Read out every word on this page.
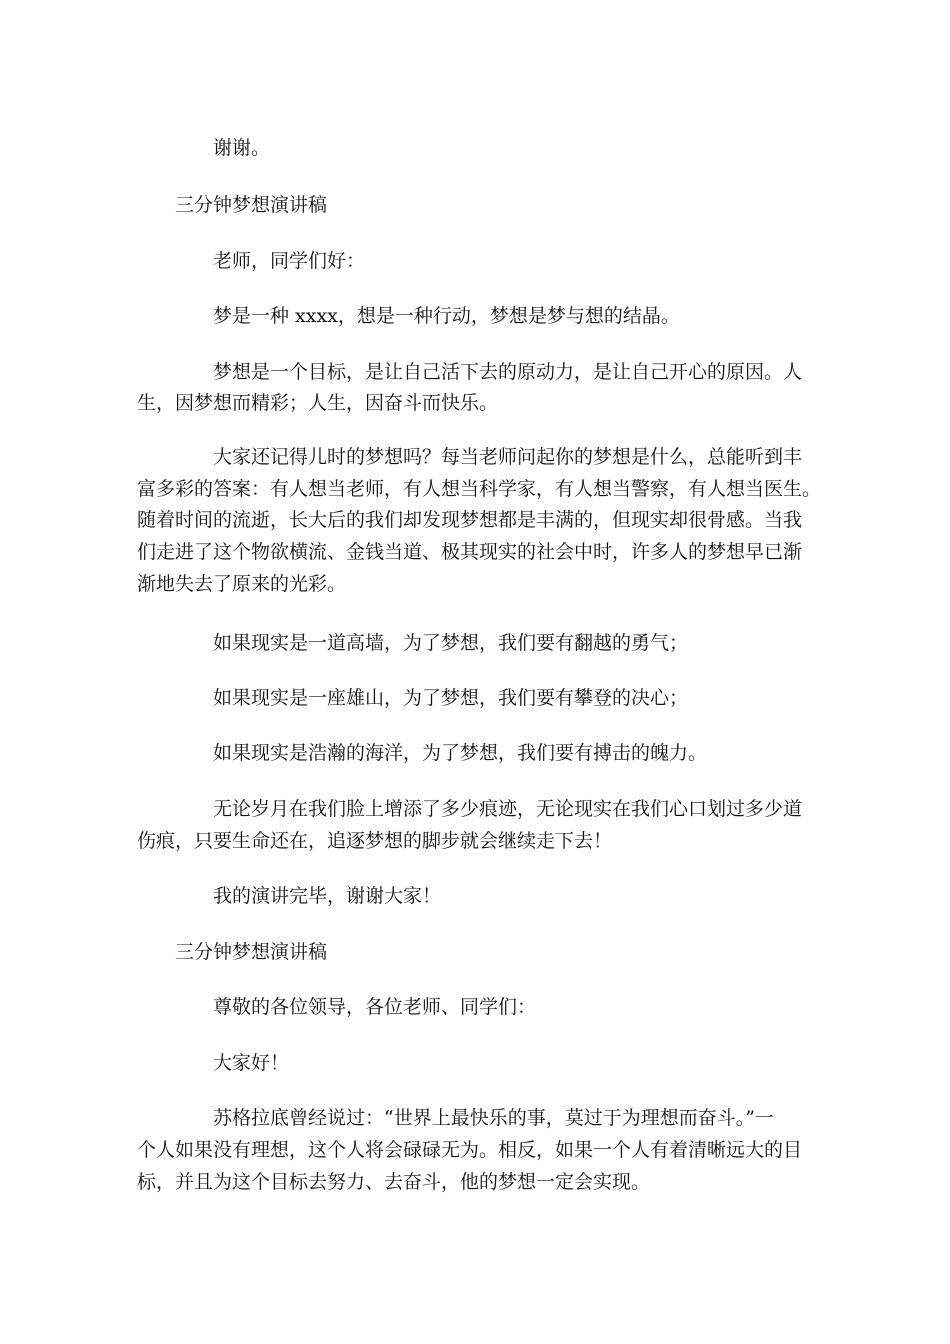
谢谢。
三分钟梦想演讲稿
老师，同学们好：
梦是一种 xxxx，想是一种行动，梦想是梦与想的结晶。
梦想是一个目标，是让自己活下去的原动力，是让自己开心的原因。人
生，因梦想而精彩；人生，因奋斗而快乐。
大家还记得儿时的梦想吗？每当老师问起你的梦想是什么，总能听到丰
富多彩的答案：有人想当老师，有人想当科学家，有人想当警察，有人想当医生。
随着时间的流逝，长大后的我们却发现梦想都是丰满的，但现实却很骨感。当我
们走进了这个物欲横流、金钱当道、极其现实的社会中时，许多人的梦想早已渐
渐地失去了原来的光彩。
如果现实是一道高墙，为了梦想，我们要有翻越的勇气；
如果现实是一座雄山，为了梦想，我们要有攀登的决心；
如果现实是浩瀚的海洋，为了梦想，我们要有搏击的魄力。
无论岁月在我们脸上增添了多少痕迹，无论现实在我们心口划过多少道
伤痕，只要生命还在，追逐梦想的脚步就会继续走下去！
我的演讲完毕，谢谢大家！
三分钟梦想演讲稿
尊敬的各位领导，各位老师、同学们：
大家好！
苏格拉底曾经说过：“世界上最快乐的事，莫过于为理想而奋斗。”一
个人如果没有理想，这个人将会碌碌无为。相反，如果一个人有着清晰远大的目
标，并且为这个目标去努力、去奋斗，他的梦想一定会实现。
